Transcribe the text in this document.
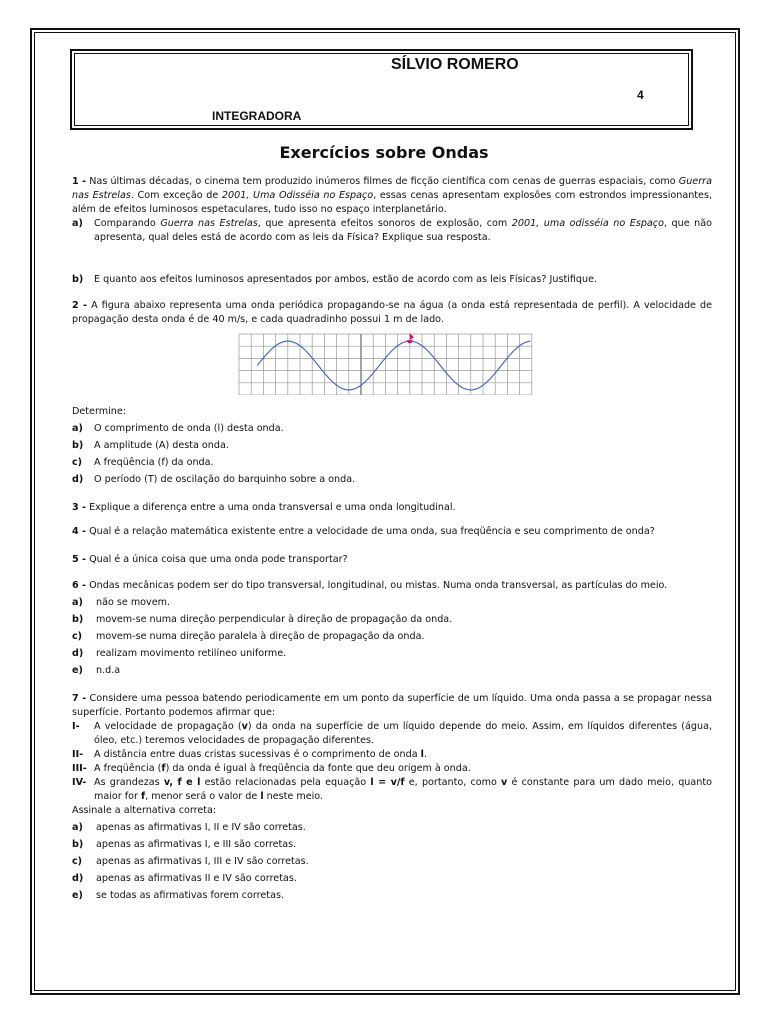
SÍLVIO ROMERO
4
INTEGRADORA
Exercícios sobre Ondas

1 - Nas últimas décadas, o cinema tem produzido inúmeros filmes de ficção científica com cenas de guerras espaciais, como Guerra nas Estrelas. Com exceção de 2001, Uma Odisséia no Espaço, essas cenas apresentam explosões com estrondos impressionantes, além de efeitos luminosos espetaculares, tudo isso no espaço interplanetário.

a)	Comparando Guerra nas Estrelas, que apresenta efeitos sonoros de explosão, com 2001, uma odisséia no Espaço, que não apresenta, qual deles está de acordo com as leis da Física? Explique sua resposta.
b)	E quanto aos efeitos luminosos apresentados por ambos, estão de acordo com as leis Físicas? Justifique.

2 - A figura abaixo representa uma onda periódica propagando-se na água (a onda está representada de perfil). A velocidade de propagação desta onda é de 40 m/s, e cada quadradinho possui 1 m de lado.

Determine:

a)	O comprimento de onda (l) desta onda.
b)	A amplitude (A) desta onda.
c)	A freqüência (f) da onda.
d)	O período (T) de oscilação do barquinho sobre a onda.

3 - Explique a diferença entre a uma onda transversal e uma onda longitudinal.

4 - Qual é a relação matemática existente entre a velocidade de uma onda, sua freqüência e seu comprimento de onda?

5 - Qual é a única coisa que uma onda pode transportar?

6 - Ondas mecânicas podem ser do tipo transversal, longitudinal, ou mistas. Numa onda transversal, as partículas do meio.

a)	não se movem.
b)	movem-se numa direção perpendicular à direção de propagação da onda.
c)	movem-se numa direção paralela à direção de propagação da onda.
d)	realizam movimento retilíneo uniforme.
e)	n.d.a

7 - Considere uma pessoa batendo periodicamente em um ponto da superfície de um líquido. Uma onda passa a se propagar nessa superfície. Portanto podemos afirmar que:

I-	A velocidade de propagação (v) da onda na superfície de um líquido depende do meio. Assim, em líquidos diferentes (água, óleo, etc.) teremos velocidades de propagação diferentes.
II-	A distância entre duas cristas sucessivas é o comprimento de onda l.
III- A freqüência (f) da onda é igual à freqüência da fonte que deu origem à onda.
IV- As grandezas v, f e l estão relacionadas pela equação l = v/f e, portanto, como v é constante para um dado meio, quanto maior for f, menor será o valor de l neste meio.

Assinale a alternativa correta:

a)	apenas as afirmativas I, II e IV são corretas.
b)	apenas as afirmativas I, e III são corretas.
c)	apenas as afirmativas I, III e IV são corretas.
d)	apenas as afirmativas II e IV são corretas.
e)	se todas as afirmativas forem corretas.
